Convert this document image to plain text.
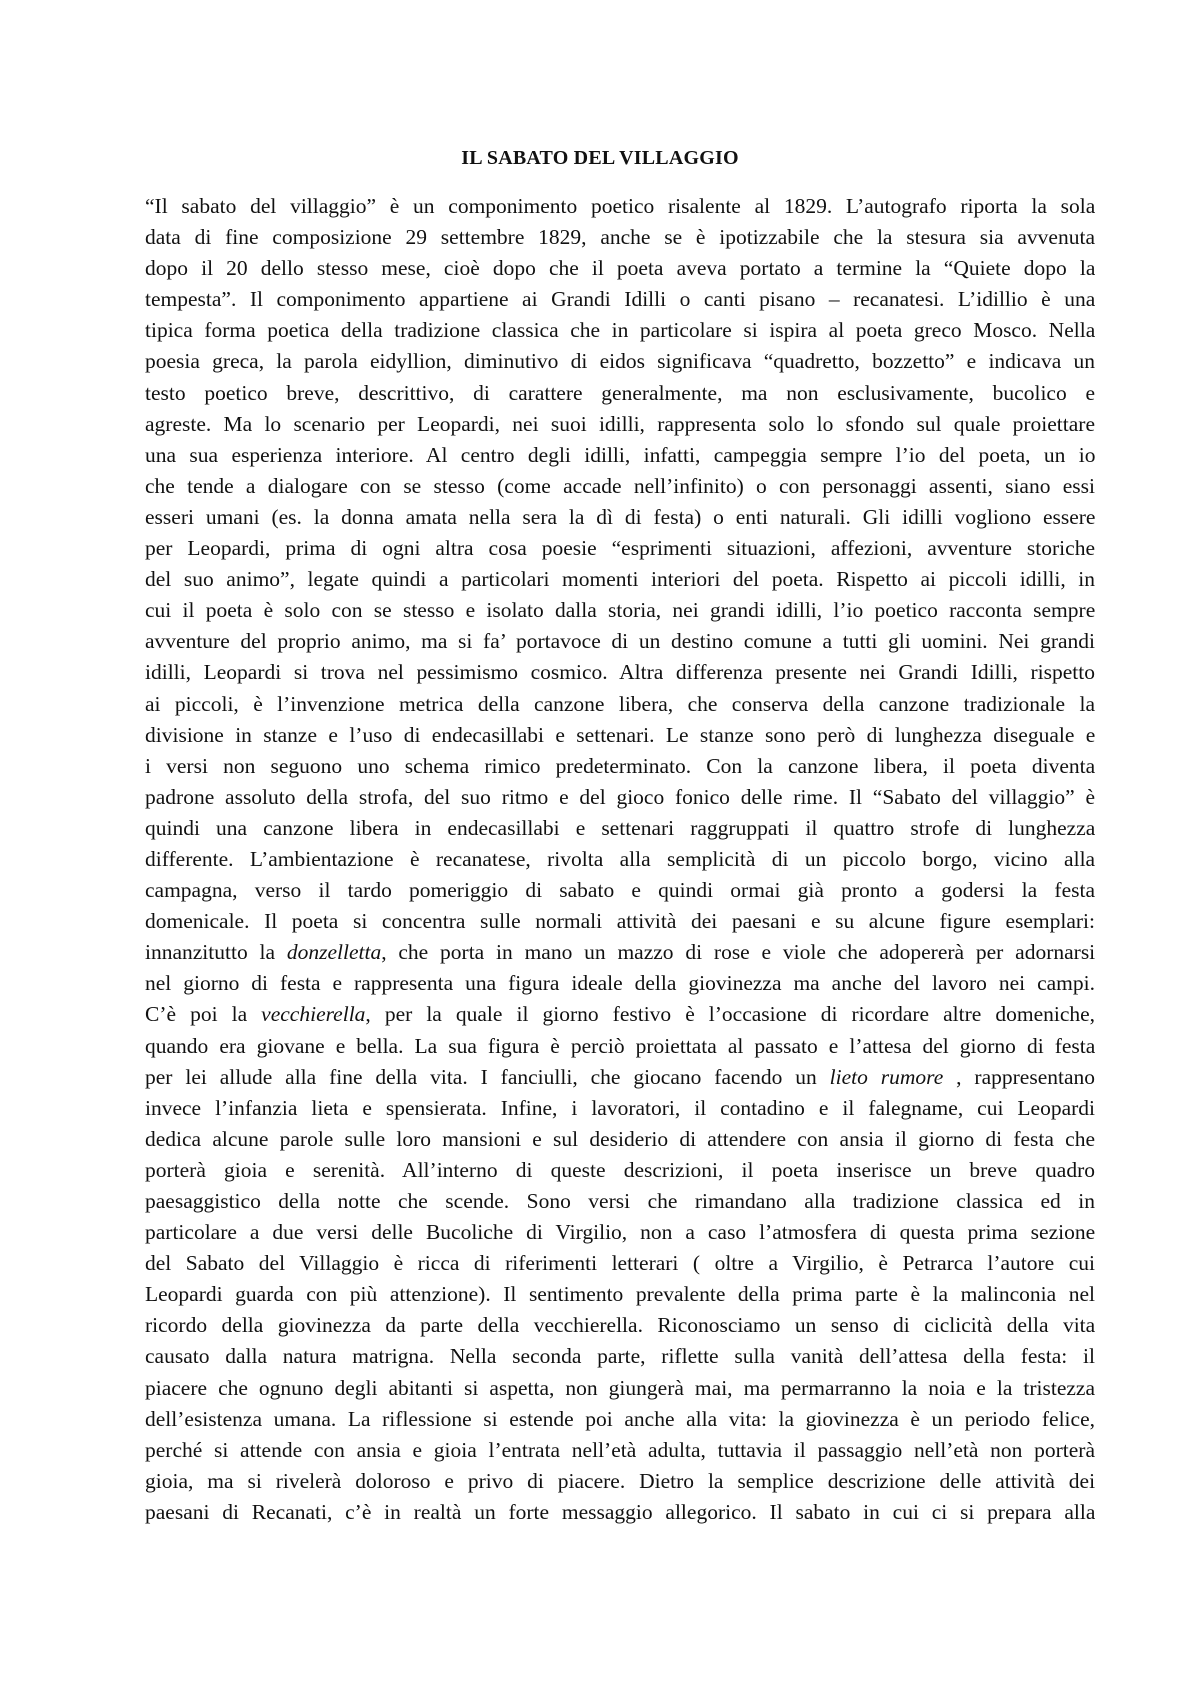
IL SABATO DEL VILLAGGIO
“Il sabato del villaggio” è un componimento poetico risalente al 1829. L’autografo riporta la sola
data di fine composizione 29 settembre 1829, anche se è ipotizzabile che la stesura sia avvenuta
dopo il 20 dello stesso mese, cioè dopo che il poeta aveva portato a termine la “Quiete dopo la
tempesta”. Il componimento appartiene ai Grandi Idilli o canti pisano – recanatesi. L’idillio è una
tipica forma poetica della tradizione classica che in particolare si ispira al poeta greco Mosco. Nella
poesia greca, la parola eidyllion, diminutivo di eidos significava “quadretto, bozzetto” e indicava un
testo poetico breve, descrittivo, di carattere generalmente, ma non esclusivamente, bucolico e
agreste. Ma lo scenario per Leopardi, nei suoi idilli, rappresenta solo lo sfondo sul quale proiettare
una sua esperienza interiore. Al centro degli idilli, infatti, campeggia sempre l’io del poeta, un io
che tende a dialogare con se stesso (come accade nell’infinito) o con personaggi assenti, siano essi
esseri umani (es. la donna amata nella sera la dì di festa) o enti naturali. Gli idilli vogliono essere
per Leopardi, prima di ogni altra cosa poesie “esprimenti situazioni, affezioni, avventure storiche
del suo animo”, legate quindi a particolari momenti interiori del poeta. Rispetto ai piccoli idilli, in
cui il poeta è solo con se stesso e isolato dalla storia, nei grandi idilli, l’io poetico racconta sempre
avventure del proprio animo, ma si fa’ portavoce di un destino comune a tutti gli uomini. Nei grandi
idilli, Leopardi si trova nel pessimismo cosmico. Altra differenza presente nei Grandi Idilli, rispetto
ai piccoli, è l’invenzione metrica della canzone libera, che conserva della canzone tradizionale la
divisione in stanze e l’uso di endecasillabi e settenari. Le stanze sono però di lunghezza diseguale e
i versi non seguono uno schema rimico predeterminato. Con la canzone libera, il poeta diventa
padrone assoluto della strofa, del suo ritmo e del gioco fonico delle rime. Il “Sabato del villaggio” è
quindi una canzone libera in endecasillabi e settenari raggruppati il quattro strofe di lunghezza
differente. L’ambientazione è recanatese, rivolta alla semplicità di un piccolo borgo, vicino alla
campagna, verso il tardo pomeriggio di sabato e quindi ormai già pronto a godersi la festa
domenicale. Il poeta si concentra sulle normali attività dei paesani e su alcune figure esemplari:
innanzitutto la donzelletta, che porta in mano un mazzo di rose e viole che adopererà per adornarsi
nel giorno di festa e rappresenta una figura ideale della giovinezza ma anche del lavoro nei campi.
C’è poi la vecchierella, per la quale il giorno festivo è l’occasione di ricordare altre domeniche,
quando era giovane e bella. La sua figura è perciò proiettata al passato e l’attesa del giorno di festa
per lei allude alla fine della vita. I fanciulli, che giocano facendo un lieto rumore , rappresentano
invece l’infanzia lieta e spensierata. Infine, i lavoratori, il contadino e il falegname, cui Leopardi
dedica alcune parole sulle loro mansioni e sul desiderio di attendere con ansia il giorno di festa che
porterà gioia e serenità. All’interno di queste descrizioni, il poeta inserisce un breve quadro
paesaggistico della notte che scende. Sono versi che rimandano alla tradizione classica ed in
particolare a due versi delle Bucoliche di Virgilio, non a caso l’atmosfera di questa prima sezione
del Sabato del Villaggio è ricca di riferimenti letterari ( oltre a Virgilio, è Petrarca l’autore cui
Leopardi guarda con più attenzione). Il sentimento prevalente della prima parte è la malinconia nel
ricordo della giovinezza da parte della vecchierella. Riconosciamo un senso di ciclicità della vita
causato dalla natura matrigna. Nella seconda parte, riflette sulla vanità dell’attesa della festa: il
piacere che ognuno degli abitanti si aspetta, non giungerà mai, ma permarranno la noia e la tristezza
dell’esistenza umana. La riflessione si estende poi anche alla vita: la giovinezza è un periodo felice,
perché si attende con ansia e gioia l’entrata nell’età adulta, tuttavia il passaggio nell’età non porterà
gioia, ma si rivelerà doloroso e privo di piacere. Dietro la semplice descrizione delle attività dei
paesani di Recanati, c’è in realtà un forte messaggio allegorico. Il sabato in cui ci si prepara alla
